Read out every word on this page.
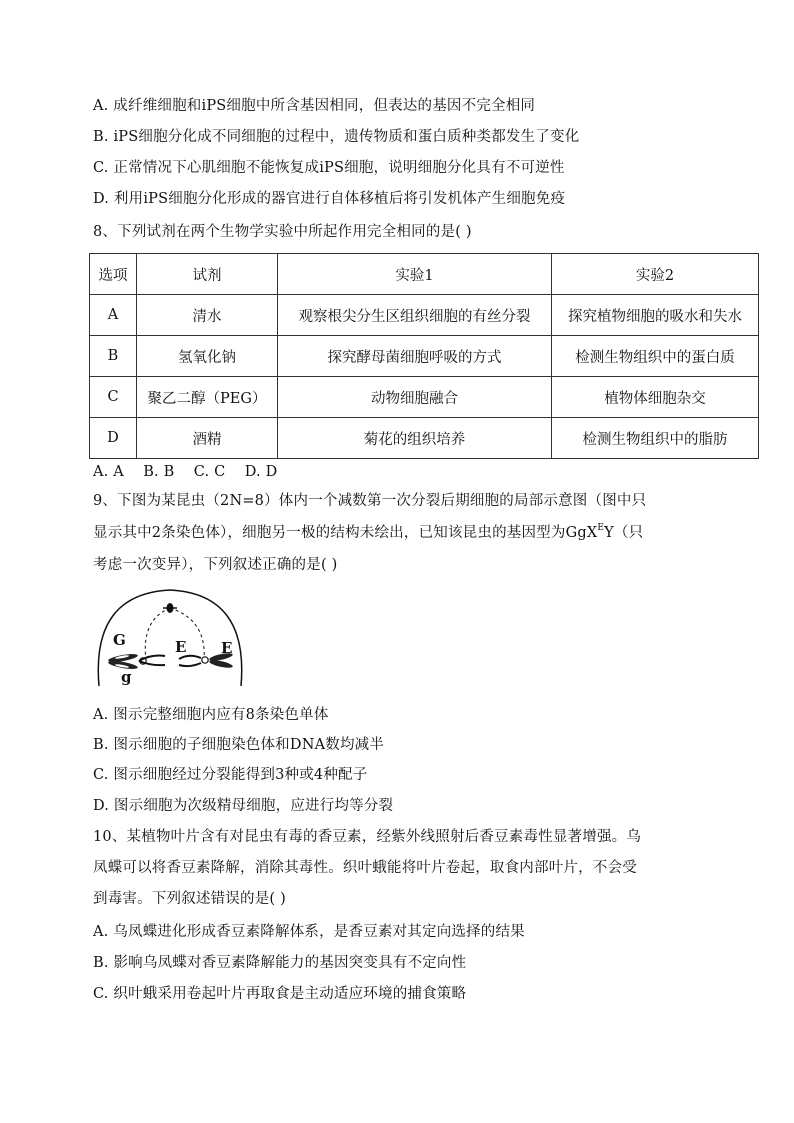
A. 成纤维细胞和iPS细胞中所含基因相同，但表达的基因不完全相同
B. iPS细胞分化成不同细胞的过程中，遗传物质和蛋白质种类都发生了变化
C. 正常情况下心肌细胞不能恢复成iPS细胞，说明细胞分化具有不可逆性
D. 利用iPS细胞分化形成的器官进行自体移植后将引发机体产生细胞免疫
8、下列试剂在两个生物学实验中所起作用完全相同的是( )
选项	试剂	实验1	实验2
A	清水	观察根尖分生区组织细胞的有丝分裂	探究植物细胞的吸水和失水
B	氢氧化钠	探究酵母菌细胞呼吸的方式	检测生物组织中的蛋白质
C	聚乙二醇（PEG）	动物细胞融合	植物体细胞杂交
D	酒精	菊花的组织培养	检测生物组织中的脂肪
A. A    B. B    C. C    D. D
9、下图为某昆虫（2N=8）体内一个减数第一次分裂后期细胞的局部示意图（图中只
显示其中2条染色体），细胞另一极的结构未绘出，已知该昆虫的基因型为GgX$^E$Y（只
考虑一次变异），下列叙述正确的是( )
G
g
E E
A. 图示完整细胞内应有8条染色单体
B. 图示细胞的子细胞染色体和DNA数均减半
C. 图示细胞经过分裂能得到3种或4种配子
D. 图示细胞为次级精母细胞，应进行均等分裂
10、某植物叶片含有对昆虫有毒的香豆素，经紫外线照射后香豆素毒性显著增强。乌
凤蝶可以将香豆素降解，消除其毒性。织叶蛾能将叶片卷起，取食内部叶片，不会受
到毒害。下列叙述错误的是( )
A. 乌凤蝶进化形成香豆素降解体系，是香豆素对其定向选择的结果
B. 影响乌凤蝶对香豆素降解能力的基因突变具有不定向性
C. 织叶蛾采用卷起叶片再取食是主动适应环境的捕食策略
